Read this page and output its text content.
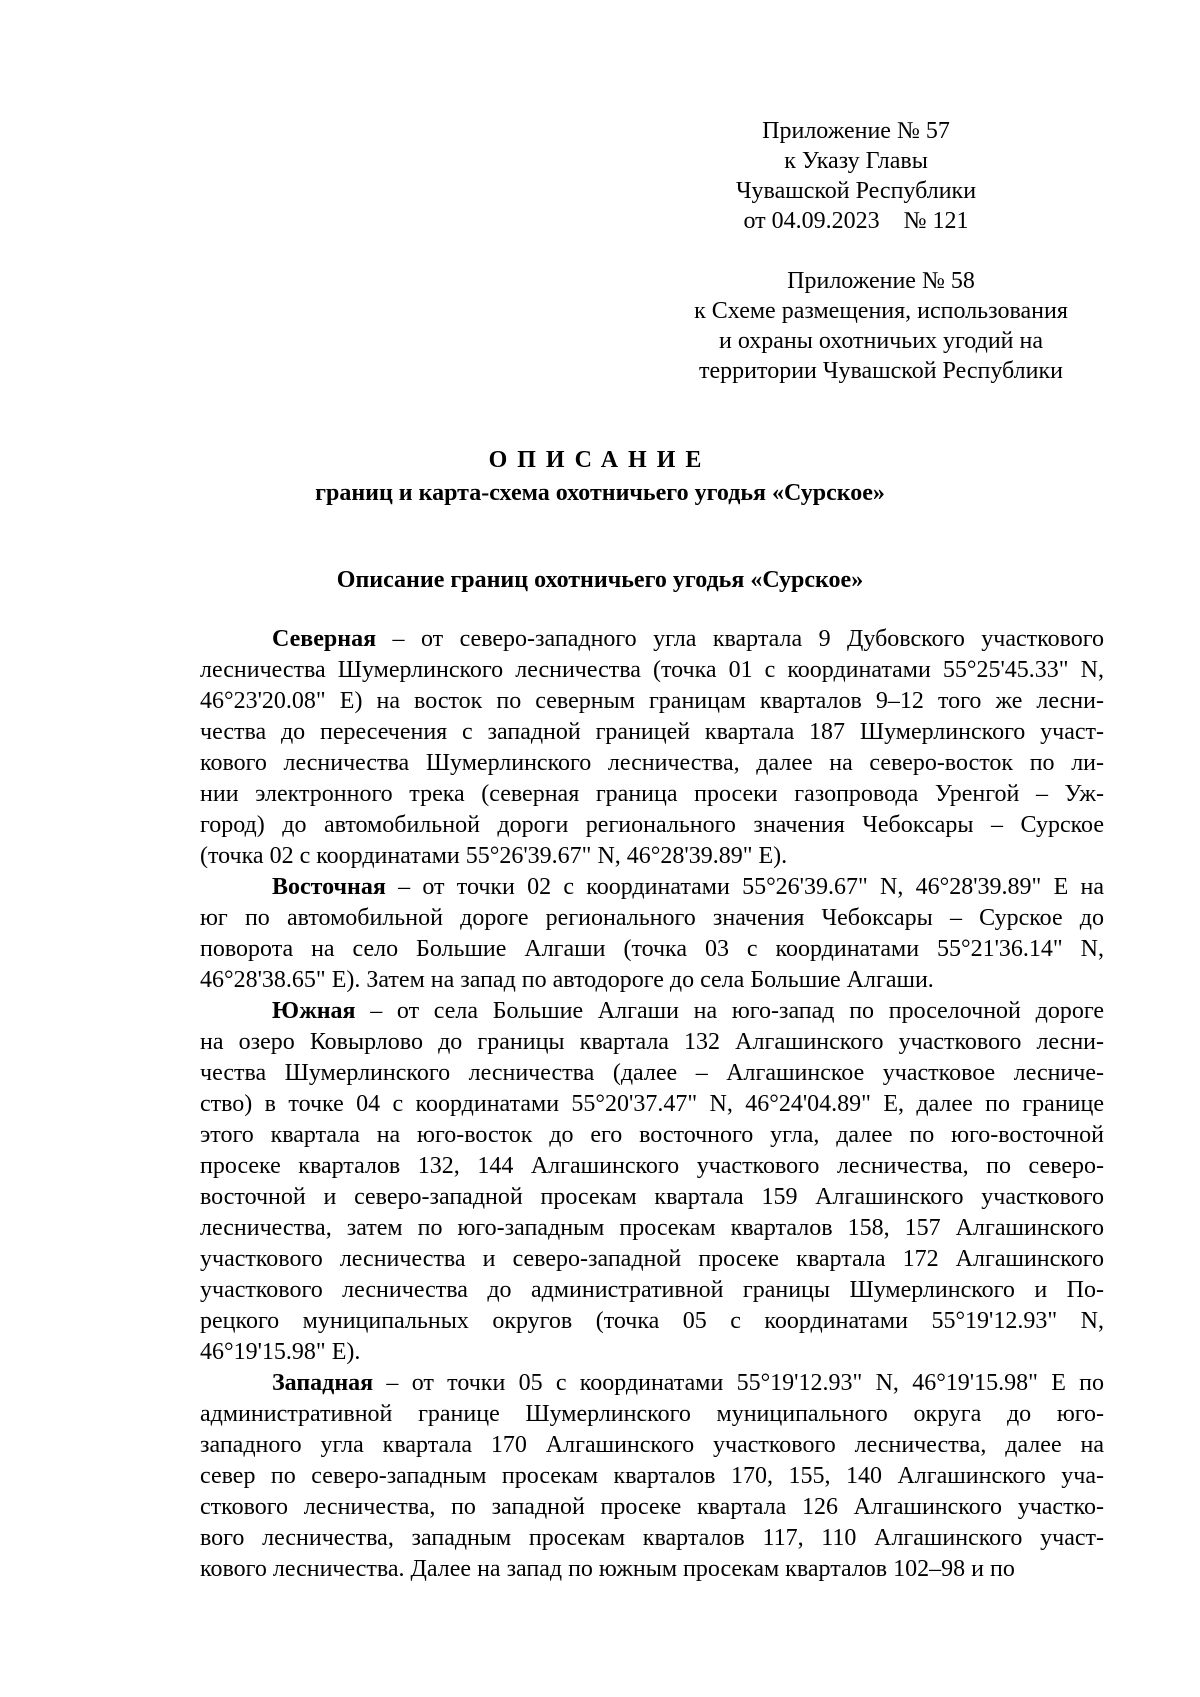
Приложение № 57
к Указу Главы
Чувашской Республики
от 04.09.2023    № 121
Приложение № 58
к Схеме размещения, использования
и охраны охотничьих угодий на
территории Чувашской Республики
ОПИСАНИЕ
границ и карта-схема охотничьего угодья «Сурское»
Описание границ охотничьего угодья «Сурское»
Северная – от северо-западного угла квартала 9 Дубовского участкового
лесничества Шумерлинского лесничества (точка 01 с координатами 55°25'45.33" N,
46°23'20.08" E) на восток по северным границам кварталов 9–12 того же лесни-
чества до пересечения с западной границей квартала 187 Шумерлинского участ-
кового лесничества Шумерлинского лесничества, далее на северо-восток по ли-
нии электронного трека (северная граница просеки газопровода Уренгой – Уж-
город) до автомобильной дороги регионального значения Чебоксары – Сурское
(точка 02 с координатами 55°26'39.67" N, 46°28'39.89" E).
Восточная – от точки 02 с координатами 55°26'39.67" N, 46°28'39.89" E на
юг по автомобильной дороге регионального значения Чебоксары – Сурское до
поворота на село Большие Алгаши (точка 03 с координатами 55°21'36.14" N,
46°28'38.65" E). Затем на запад по автодороге до села Большие Алгаши.
Южная – от села Большие Алгаши на юго-запад по проселочной дороге
на озеро Ковырлово до границы квартала 132 Алгашинского участкового лесни-
чества Шумерлинского лесничества (далее – Алгашинское участковое лесниче-
ство) в точке 04 с координатами 55°20'37.47" N, 46°24'04.89" E, далее по границе
этого квартала на юго-восток до его восточного угла, далее по юго-восточной
просеке кварталов 132, 144 Алгашинского участкового лесничества, по северо-
восточной и северо-западной просекам квартала 159 Алгашинского участкового
лесничества, затем по юго-западным просекам кварталов 158, 157 Алгашинского
участкового лесничества и северо-западной просеке квартала 172 Алгашинского
участкового лесничества до административной границы Шумерлинского и По-
рецкого муниципальных округов (точка 05 с координатами 55°19'12.93" N,
46°19'15.98" E).
Западная – от точки 05 с координатами 55°19'12.93" N, 46°19'15.98" E по
административной границе Шумерлинского муниципального округа до юго-
западного угла квартала 170 Алгашинского участкового лесничества, далее на
север по северо-западным просекам кварталов 170, 155, 140 Алгашинского уча-
сткового лесничества, по западной просеке квартала 126 Алгашинского участко-
вого лесничества, западным просекам кварталов 117, 110 Алгашинского участ-
кового лесничества. Далее на запад по южным просекам кварталов 102–98 и по
